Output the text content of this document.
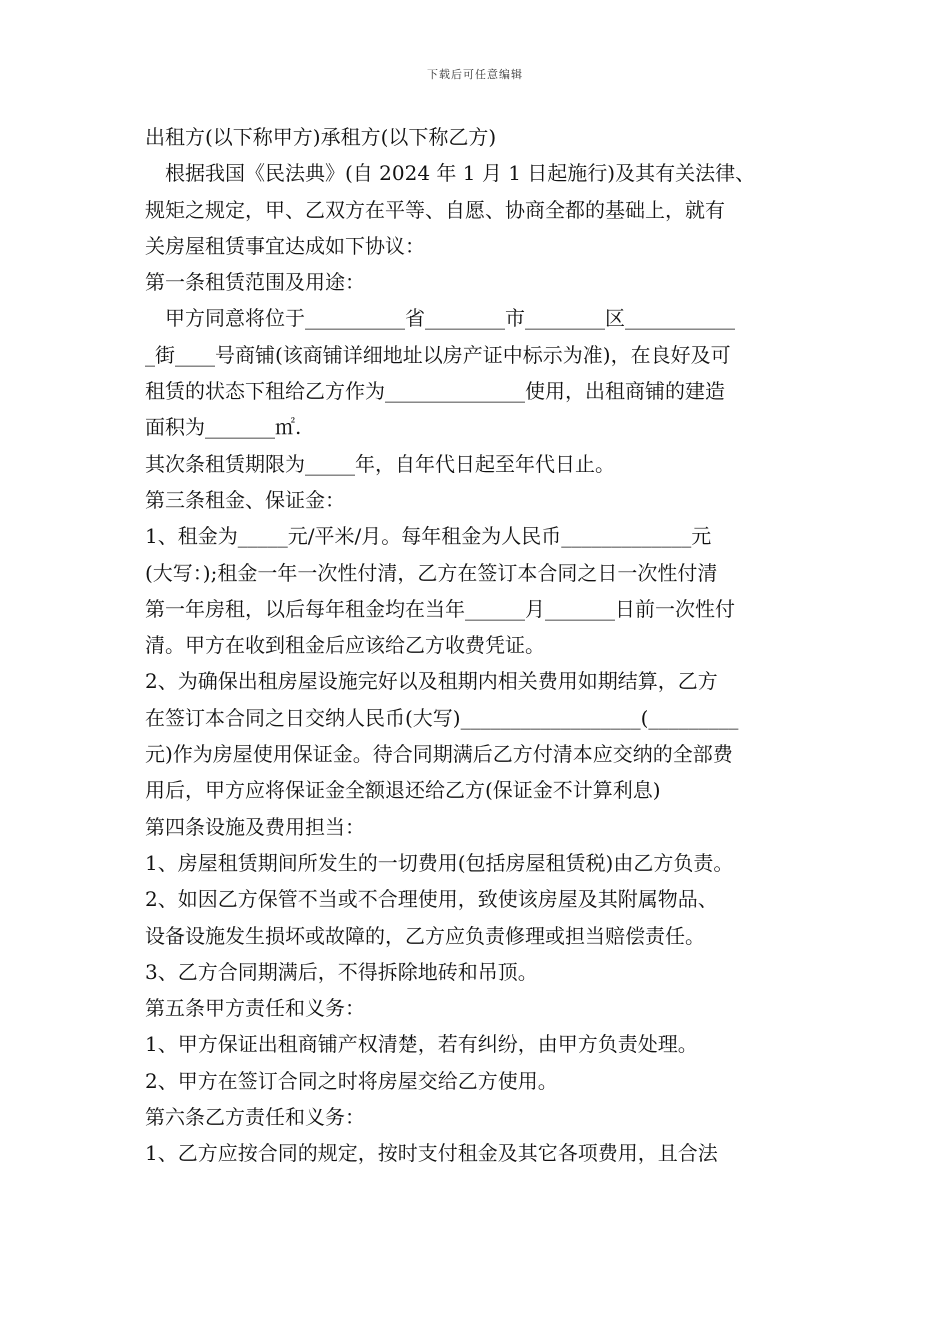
下载后可任意编辑
出租方(以下称甲方)承租方(以下称乙方)
　根据我国《民法典》(自 2024 年 1 月 1 日起施行)及其有关法律、
规矩之规定，甲、乙双方在平等、自愿、协商全都的基础上，就有
关房屋租赁事宜达成如下协议：
第一条租赁范围及用途：
　甲方同意将位于__________省________市________区___________
_街____号商铺(该商铺详细地址以房产证中标示为准)，在良好及可
租赁的状态下租给乙方作为______________使用，出租商铺的建造
面积为_______㎡.
其次条租赁期限为_____年，自年代日起至年代日止。
第三条租金、保证金：
1、租金为_____元/平米/月。每年租金为人民币_____________元
(大写：);租金一年一次性付清，乙方在签订本合同之日一次性付清
第一年房租，以后每年租金均在当年______月_______日前一次性付
清。甲方在收到租金后应该给乙方收费凭证。
2、为确保出租房屋设施完好以及租期内相关费用如期结算，乙方
在签订本合同之日交纳人民币(大写)__________________(_________
元)作为房屋使用保证金。待合同期满后乙方付清本应交纳的全部费
用后，甲方应将保证金全额退还给乙方(保证金不计算利息)
第四条设施及费用担当：
1、房屋租赁期间所发生的一切费用(包括房屋租赁税)由乙方负责。
2、如因乙方保管不当或不合理使用，致使该房屋及其附属物品、
设备设施发生损坏或故障的，乙方应负责修理或担当赔偿责任。
3、乙方合同期满后，不得拆除地砖和吊顶。
第五条甲方责任和义务：
1、甲方保证出租商铺产权清楚，若有纠纷，由甲方负责处理。
2、甲方在签订合同之时将房屋交给乙方使用。
第六条乙方责任和义务：
1、乙方应按合同的规定，按时支付租金及其它各项费用，且合法
